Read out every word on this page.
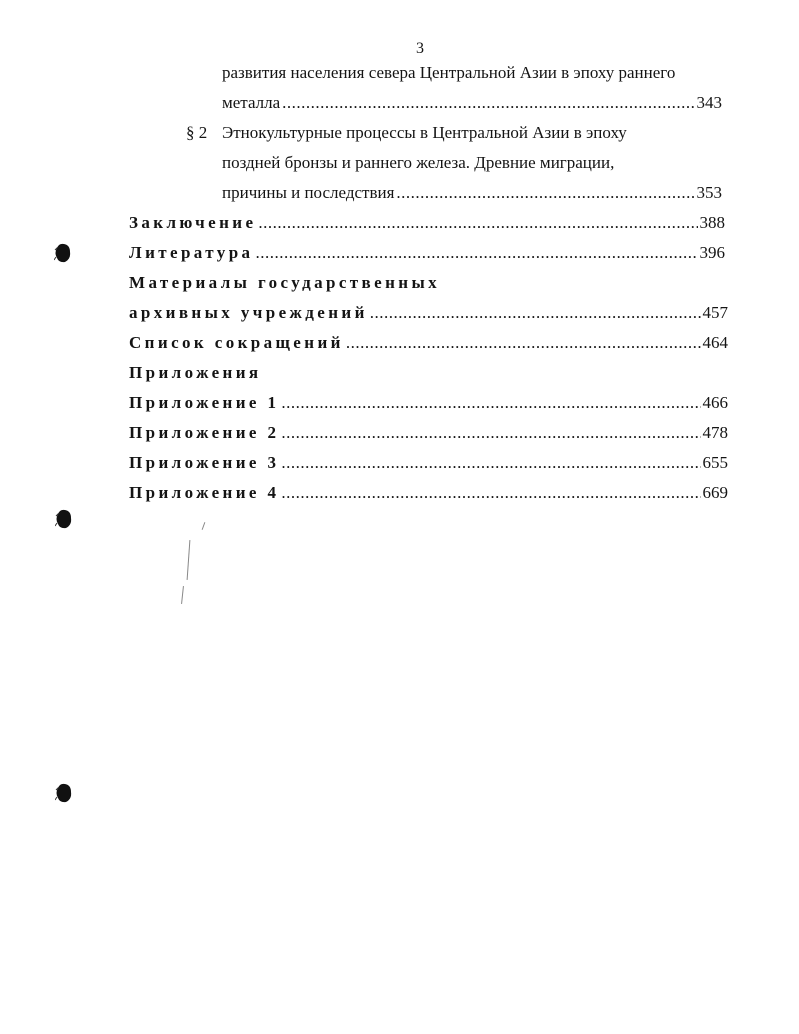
3
развития населения севера Центральной Азии в эпоху раннего
металла .....	343
§ 2 Этнокультурные процессы в Центральной Азии в эпоху
поздней бронзы и раннего железа. Древние миграции,
причины и последствия .....	353
Заключение .....	388
Литература .....	396
Материалы государственных
архивных учреждений .....	457
Список сокращений .....	464
Приложения
Приложение 1 .....	466
Приложение 2 .....	478
Приложение 3 .....	655
Приложение 4 .....	669
